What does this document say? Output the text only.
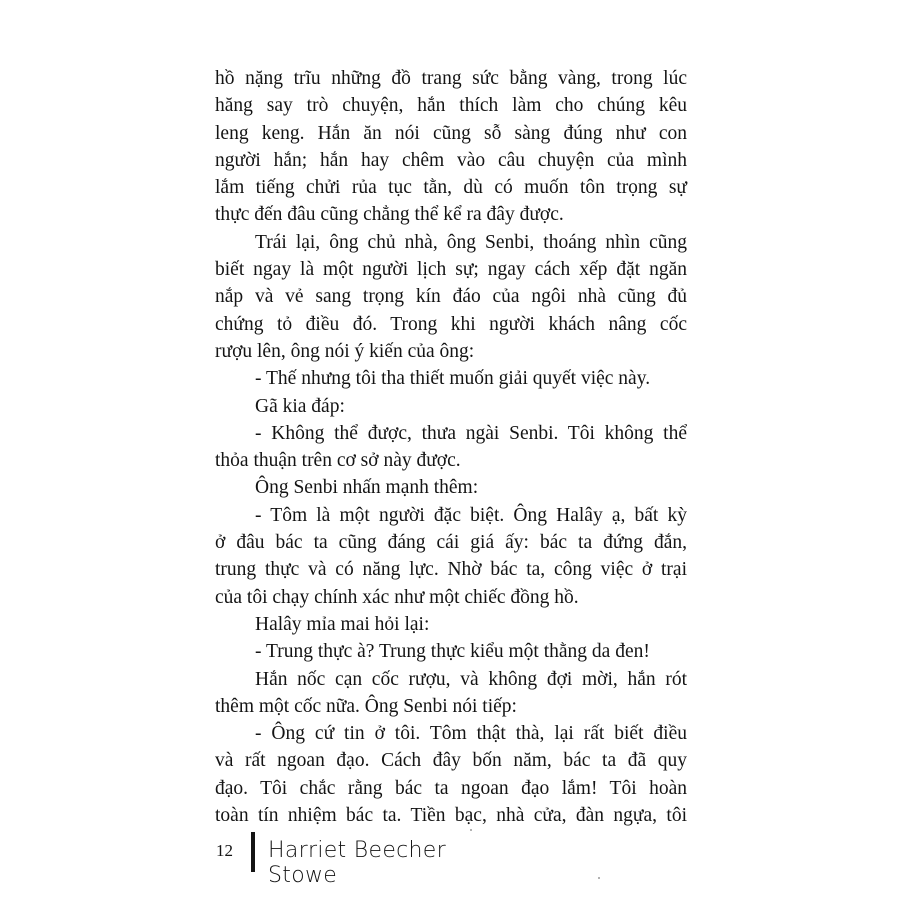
hồ nặng trĩu những đồ trang sức bằng vàng, trong lúc
hăng say trò chuyện, hắn thích làm cho chúng kêu
leng keng. Hắn ăn nói cũng sỗ sàng đúng như con
người hắn; hắn hay chêm vào câu chuyện của mình
lắm tiếng chửi rủa tục tằn, dù có muốn tôn trọng sự
thực đến đâu cũng chẳng thể kể ra đây được.
Trái lại, ông chủ nhà, ông Senbi, thoáng nhìn cũng
biết ngay là một người lịch sự; ngay cách xếp đặt ngăn
nắp và vẻ sang trọng kín đáo của ngôi nhà cũng đủ
chứng tỏ điều đó. Trong khi người khách nâng cốc
rượu lên, ông nói ý kiến của ông:
- Thế nhưng tôi tha thiết muốn giải quyết việc này.
Gã kia đáp:
- Không thể được, thưa ngài Senbi. Tôi không thể
thỏa thuận trên cơ sở này được.
Ông Senbi nhấn mạnh thêm:
- Tôm là một người đặc biệt. Ông Halây ạ, bất kỳ
ở đâu bác ta cũng đáng cái giá ấy: bác ta đứng đắn,
trung thực và có năng lực. Nhờ bác ta, công việc ở trại
của tôi chạy chính xác như một chiếc đồng hồ.
Halây mỉa mai hỏi lại:
- Trung thực à? Trung thực kiểu một thằng da đen!
Hắn nốc cạn cốc rượu, và không đợi mời, hắn rót
thêm một cốc nữa. Ông Senbi nói tiếp:
- Ông cứ tin ở tôi. Tôm thật thà, lại rất biết điều
và rất ngoan đạo. Cách đây bốn năm, bác ta đã quy
đạo. Tôi chắc rằng bác ta ngoan đạo lắm! Tôi hoàn
toàn tín nhiệm bác ta. Tiền bạc, nhà cửa, đàn ngựa, tôi
12 Harriet Beecher Stowe
